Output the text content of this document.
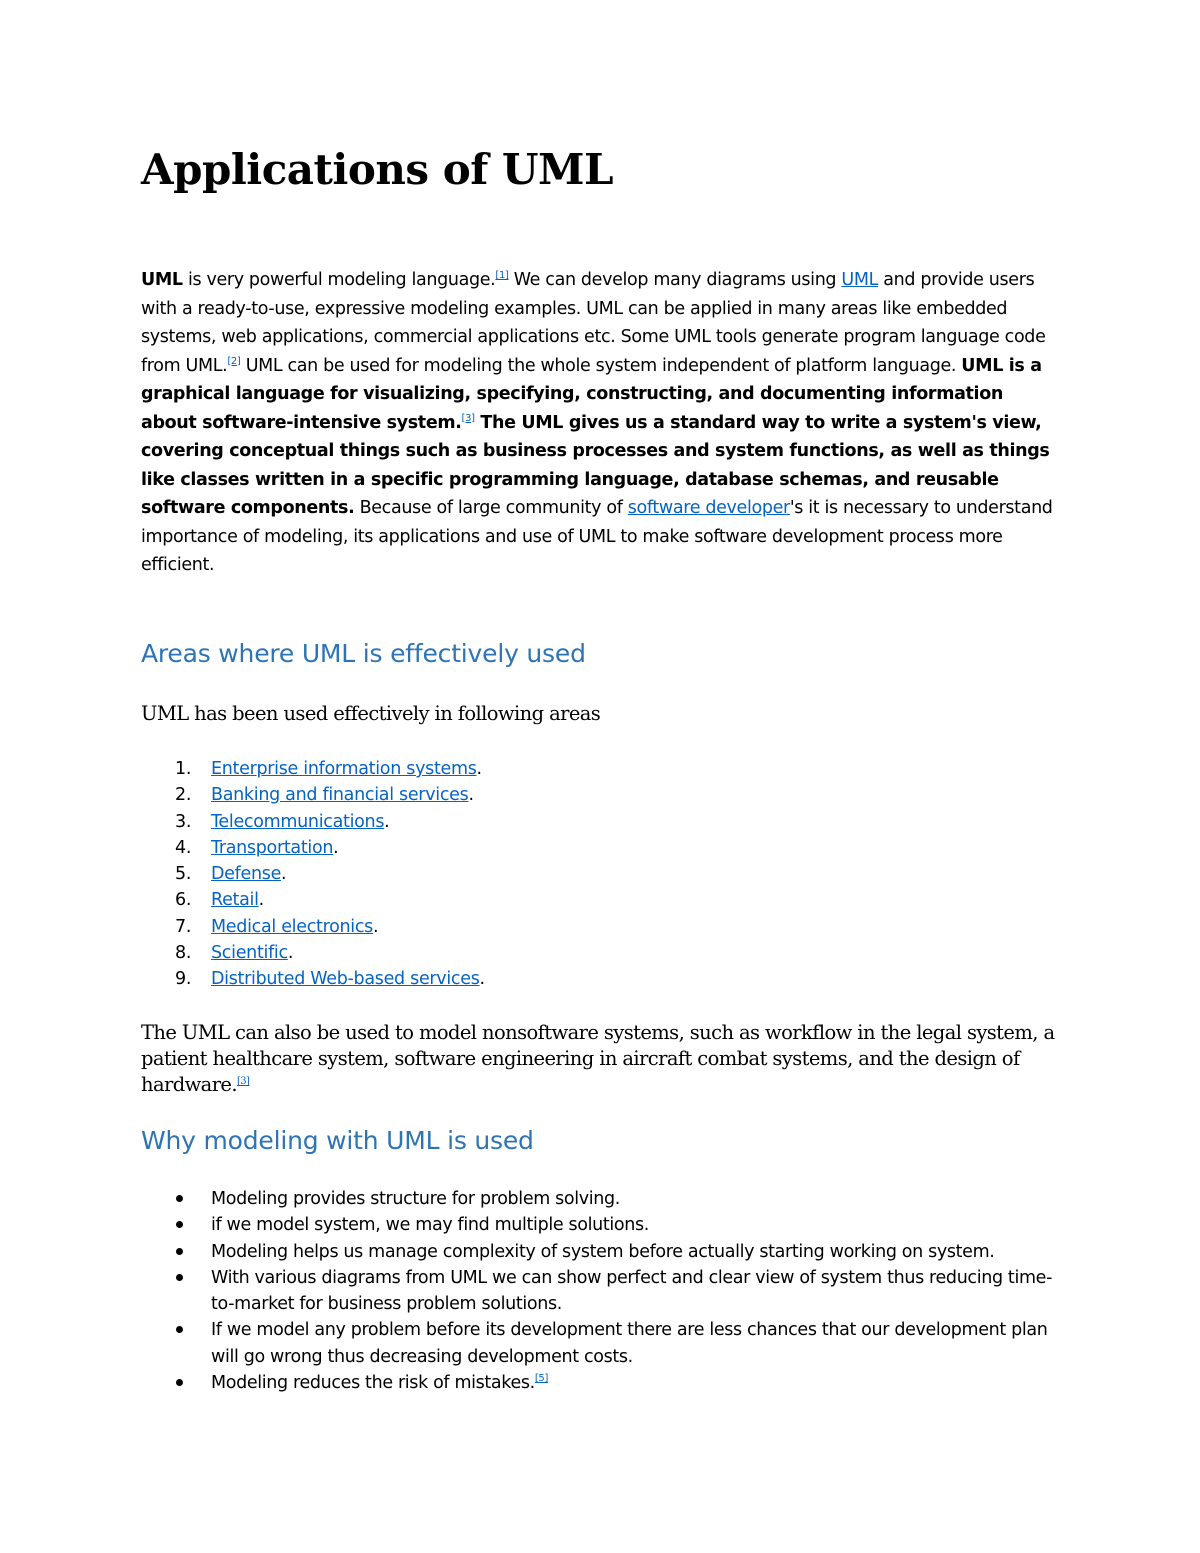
Applications of UML

UML is very powerful modeling language.[1] We can develop many diagrams using UML and provide users with a ready-to-use, expressive modeling examples. UML can be applied in many areas like embedded systems, web applications, commercial applications etc. Some UML tools generate program language code from UML.[2] UML can be used for modeling the whole system independent of platform language. UML is a graphical language for visualizing, specifying, constructing, and documenting information about software-intensive system.[3] The UML gives us a standard way to write a system's view, covering conceptual things such as business processes and system functions, as well as things like classes written in a specific programming language, database schemas, and reusable software components. Because of large community of software developer's it is necessary to understand importance of modeling, its applications and use of UML to make software development process more efficient.

Areas where UML is effectively used

UML has been used effectively in following areas

1. Enterprise information systems.
2. Banking and financial services.
3. Telecommunications.
4. Transportation.
5. Defense.
6. Retail.
7. Medical electronics.
8. Scientific.
9. Distributed Web-based services.

The UML can also be used to model nonsoftware systems, such as workflow in the legal system, a patient healthcare system, software engineering in aircraft combat systems, and the design of hardware.[3]

Why modeling with UML is used
Modeling provides structure for problem solving.
if we model system, we may find multiple solutions.
Modeling helps us manage complexity of system before actually starting working on system.
With various diagrams from UML we can show perfect and clear view of system thus reducing time-to-market for business problem solutions.
If we model any problem before its development there are less chances that our development plan will go wrong thus decreasing development costs.
Modeling reduces the risk of mistakes.[5]
